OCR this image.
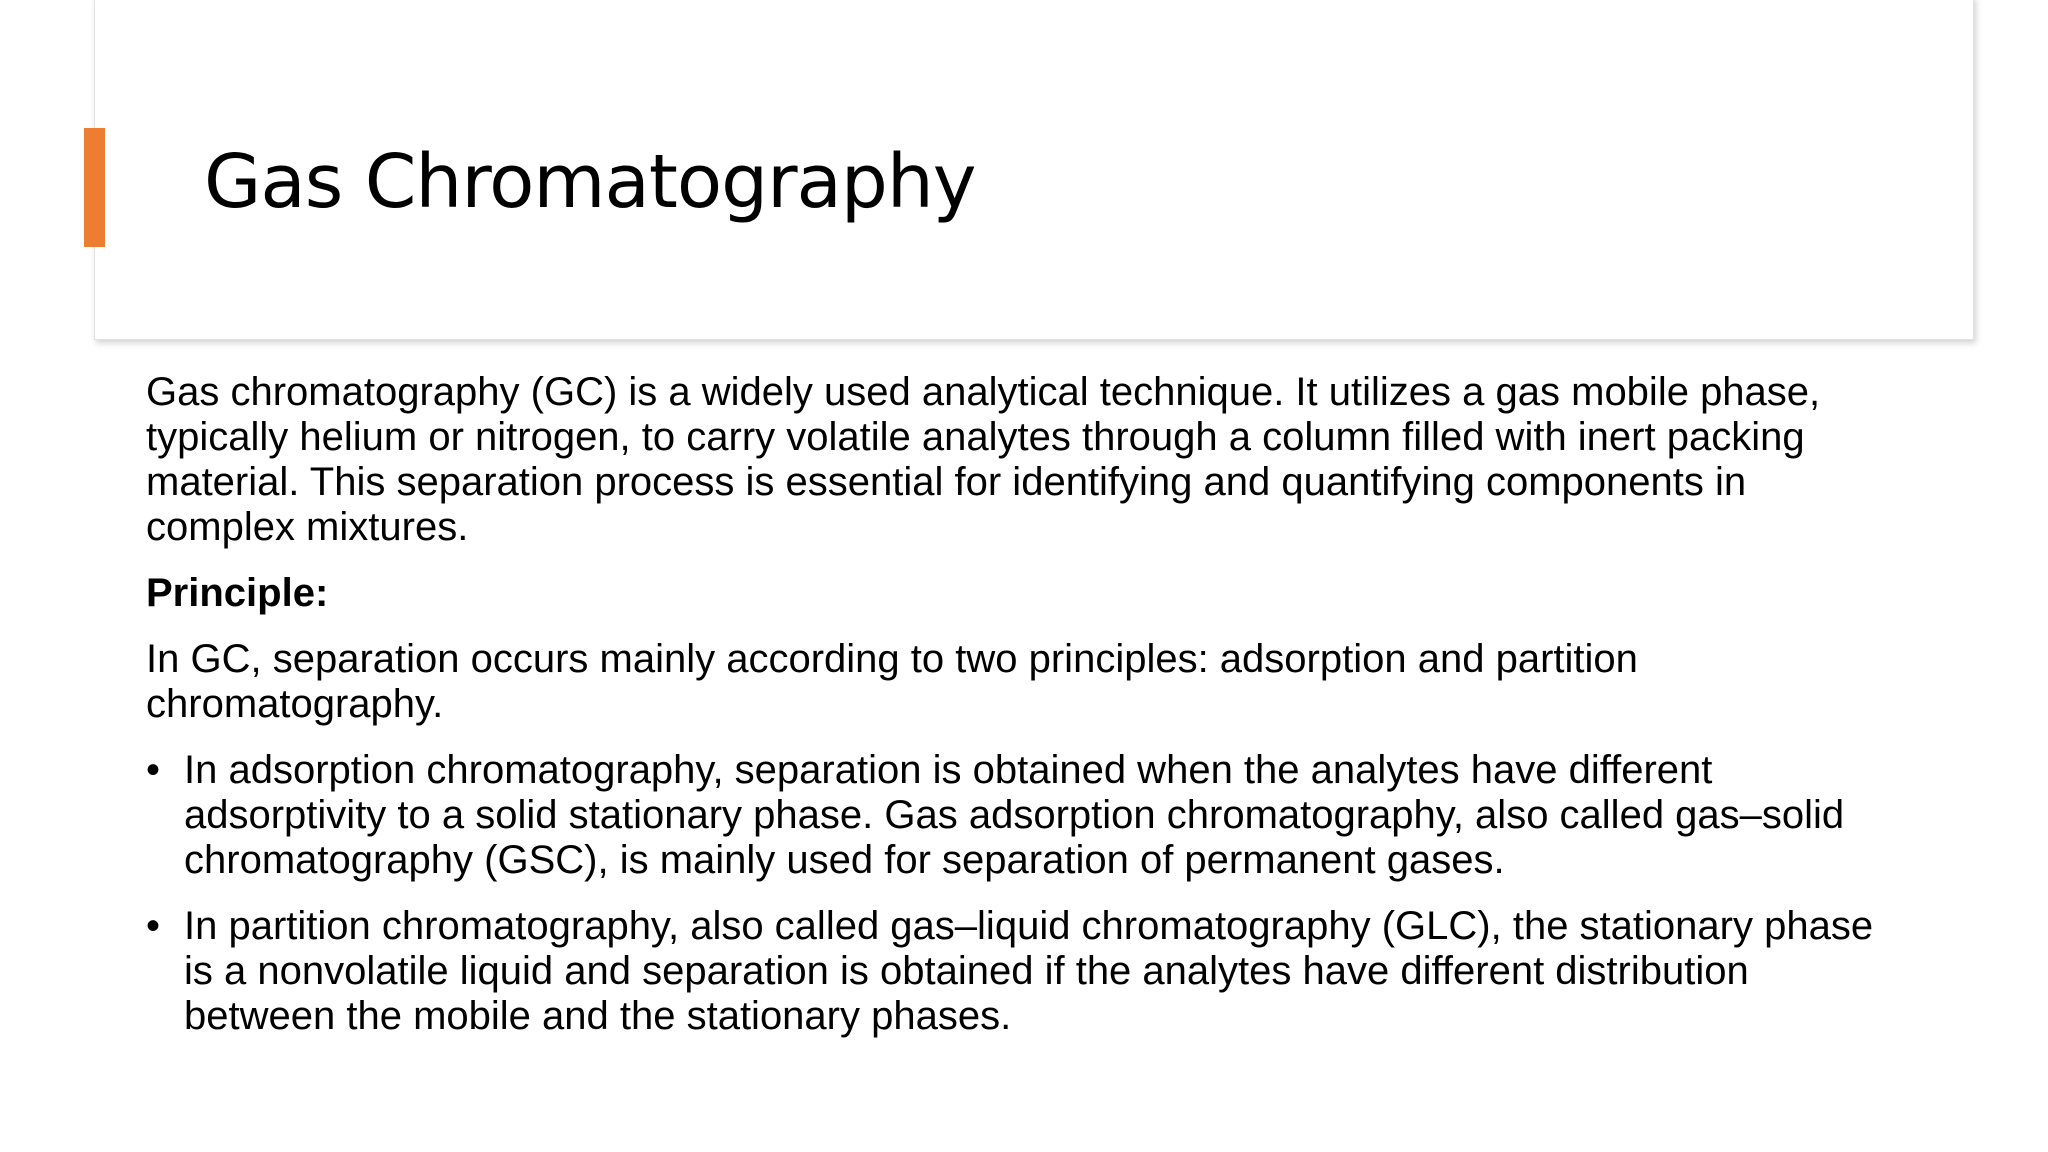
Gas Chromatography

Gas chromatography (GC) is a widely used analytical technique. It utilizes a gas mobile phase, typically helium or nitrogen, to carry volatile analytes through a column filled with inert packing material. This separation process is essential for identifying and quantifying components in complex mixtures.

Principle:

In GC, separation occurs mainly according to two principles: adsorption and partition chromatography.

• In adsorption chromatography, separation is obtained when the analytes have different adsorptivity to a solid stationary phase. Gas adsorption chromatography, also called gas–solid chromatography (GSC), is mainly used for separation of permanent gases.
• In partition chromatography, also called gas–liquid chromatography (GLC), the stationary phase is a nonvolatile liquid and separation is obtained if the analytes have different distribution between the mobile and the stationary phases.
